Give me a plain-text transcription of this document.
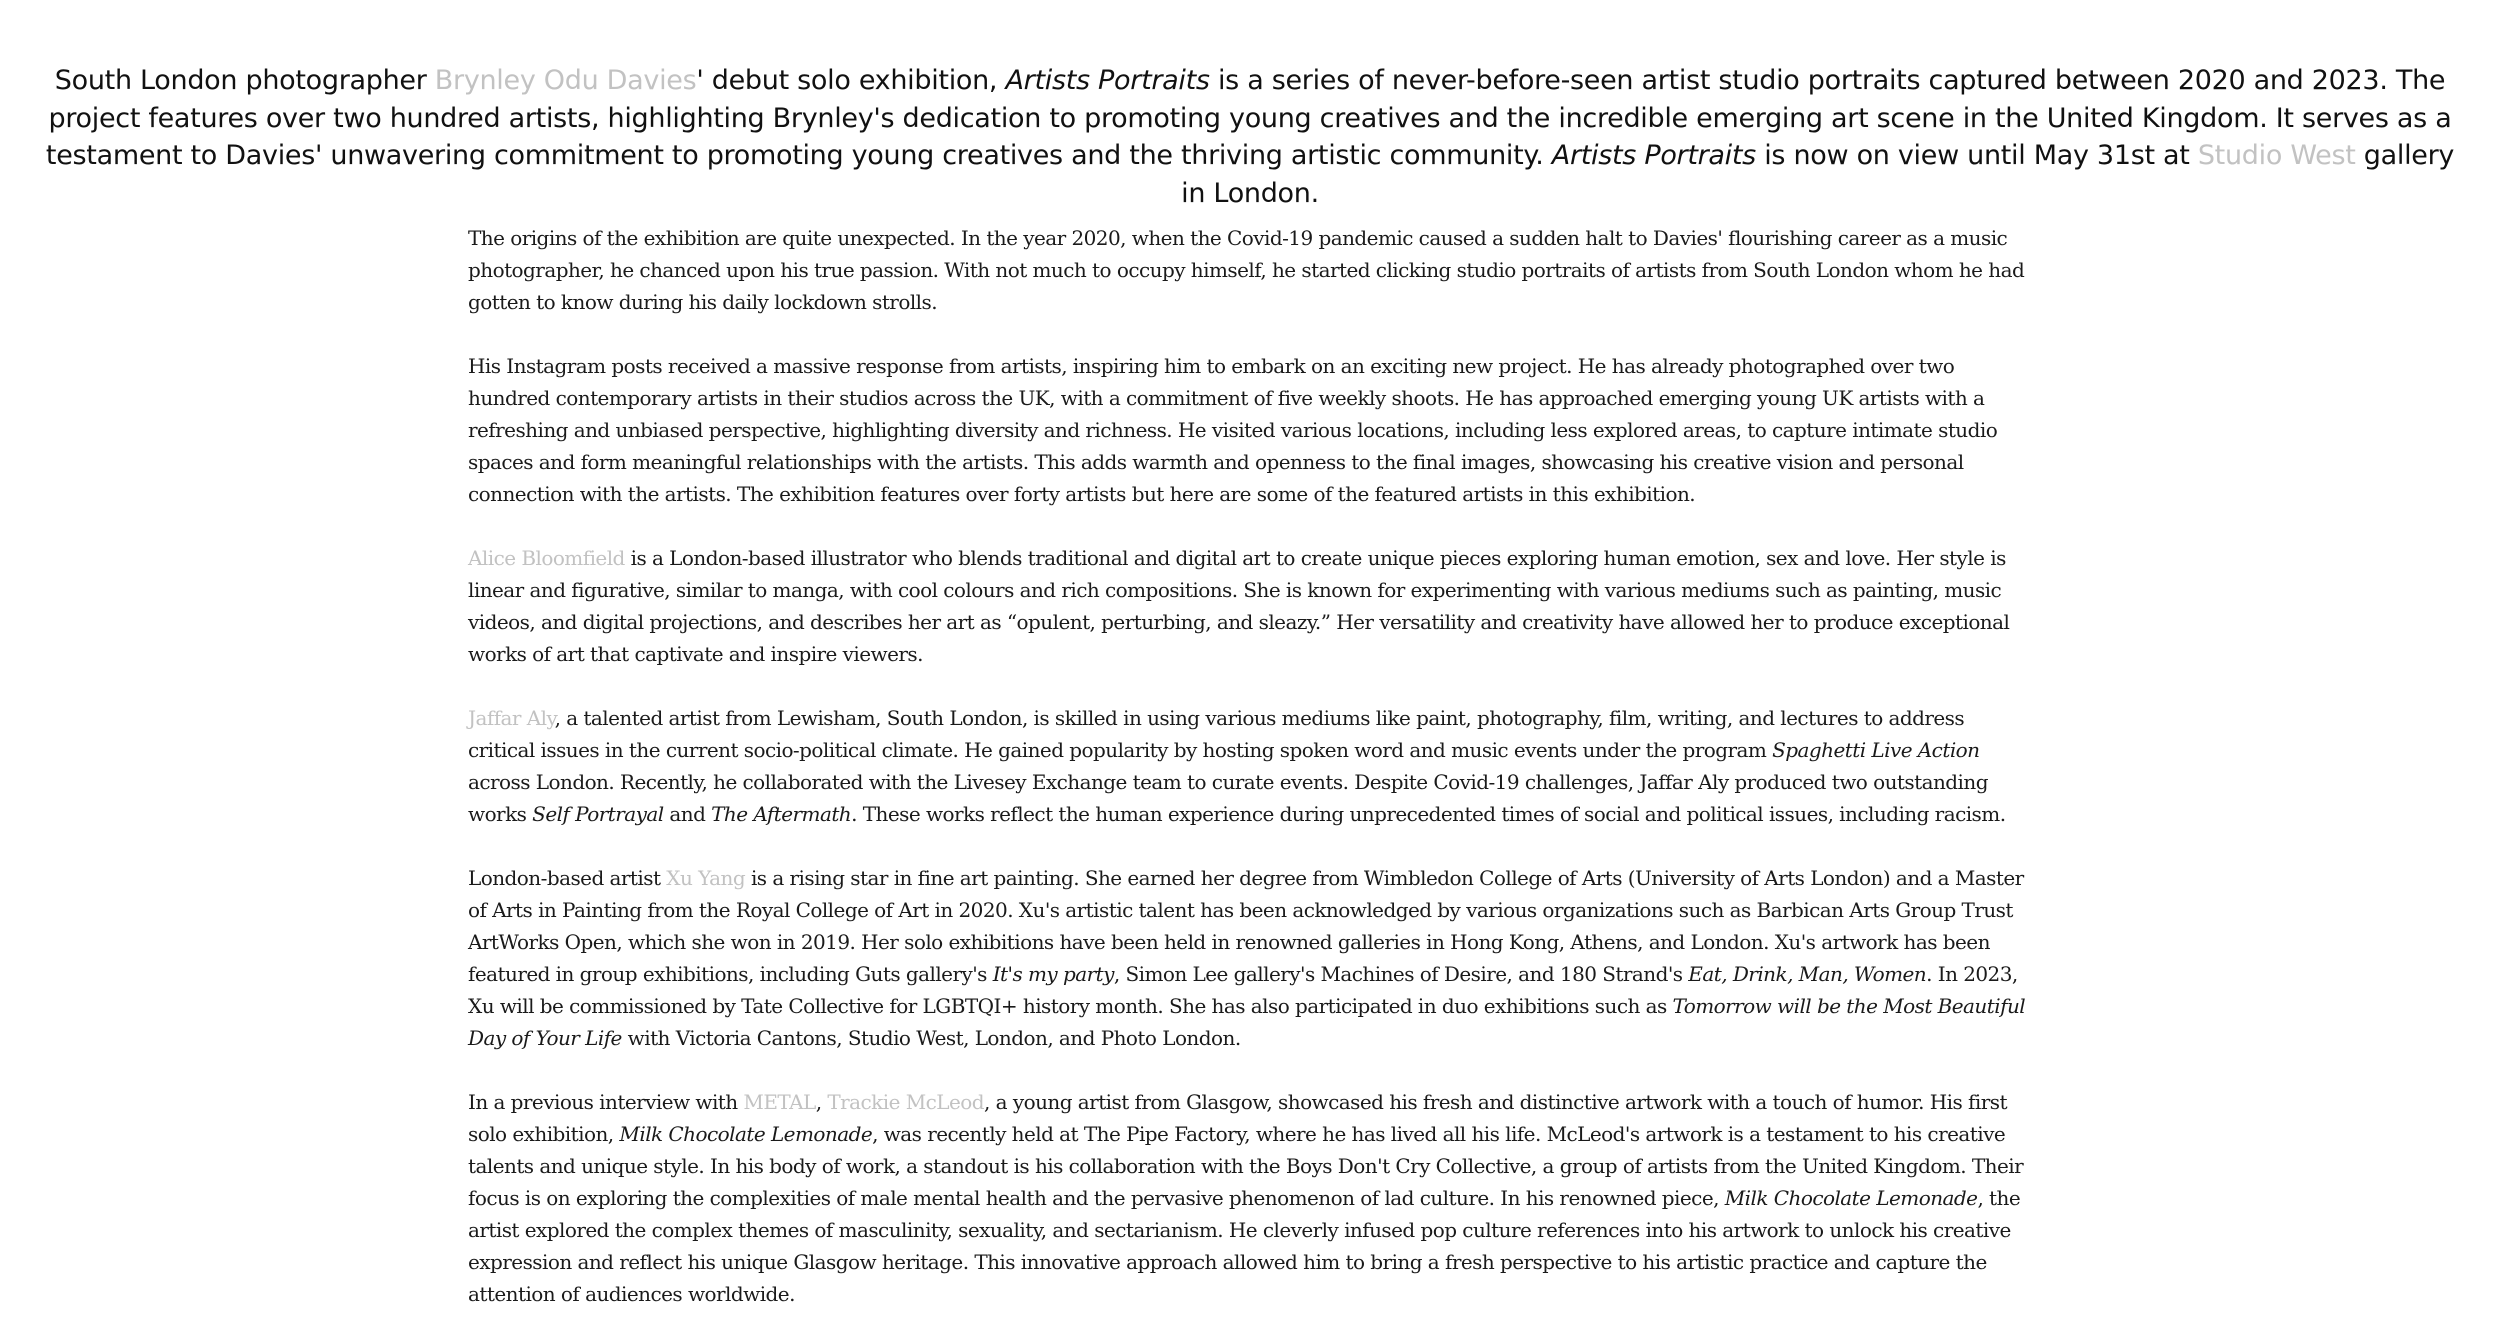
South London photographer Brynley Odu Davies' debut solo exhibition, Artists Portraits is a series of never-before-seen artist studio portraits captured between 2020 and 2023. The project features over two hundred artists, highlighting Brynley's dedication to promoting young creatives and the incredible emerging art scene in the United Kingdom. It serves as a testament to Davies' unwavering commitment to promoting young creatives and the thriving artistic community. Artists Portraits is now on view until May 31st at Studio West gallery in London.

The origins of the exhibition are quite unexpected. In the year 2020, when the Covid-19 pandemic caused a sudden halt to Davies' flourishing career as a music photographer, he chanced upon his true passion. With not much to occupy himself, he started clicking studio portraits of artists from South London whom he had gotten to know during his daily lockdown strolls.

His Instagram posts received a massive response from artists, inspiring him to embark on an exciting new project. He has already photographed over two hundred contemporary artists in their studios across the UK, with a commitment of five weekly shoots. He has approached emerging young UK artists with a refreshing and unbiased perspective, highlighting diversity and richness. He visited various locations, including less explored areas, to capture intimate studio spaces and form meaningful relationships with the artists. This adds warmth and openness to the final images, showcasing his creative vision and personal connection with the artists. The exhibition features over forty artists but here are some of the featured artists in this exhibition.

Alice Bloomfield is a London-based illustrator who blends traditional and digital art to create unique pieces exploring human emotion, sex and love. Her style is linear and figurative, similar to manga, with cool colours and rich compositions. She is known for experimenting with various mediums such as painting, music videos, and digital projections, and describes her art as “opulent, perturbing, and sleazy.” Her versatility and creativity have allowed her to produce exceptional works of art that captivate and inspire viewers.

Jaffar Aly, a talented artist from Lewisham, South London, is skilled in using various mediums like paint, photography, film, writing, and lectures to address critical issues in the current socio-political climate. He gained popularity by hosting spoken word and music events under the program Spaghetti Live Action across London. Recently, he collaborated with the Livesey Exchange team to curate events. Despite Covid-19 challenges, Jaffar Aly produced two outstanding works Self Portrayal and The Aftermath. These works reflect the human experience during unprecedented times of social and political issues, including racism.

London-based artist Xu Yang is a rising star in fine art painting. She earned her degree from Wimbledon College of Arts (University of Arts London) and a Master of Arts in Painting from the Royal College of Art in 2020. Xu's artistic talent has been acknowledged by various organizations such as Barbican Arts Group Trust ArtWorks Open, which she won in 2019. Her solo exhibitions have been held in renowned galleries in Hong Kong, Athens, and London. Xu's artwork has been featured in group exhibitions, including Guts gallery's It's my party, Simon Lee gallery's Machines of Desire, and 180 Strand's Eat, Drink, Man, Women. In 2023, Xu will be commissioned by Tate Collective for LGBTQI+ history month. She has also participated in duo exhibitions such as Tomorrow will be the Most Beautiful Day of Your Life with Victoria Cantons, Studio West, London, and Photo London.

In a previous interview with METAL, Trackie McLeod, a young artist from Glasgow, showcased his fresh and distinctive artwork with a touch of humor. His first solo exhibition, Milk Chocolate Lemonade, was recently held at The Pipe Factory, where he has lived all his life. McLeod's artwork is a testament to his creative talents and unique style. In his body of work, a standout is his collaboration with the Boys Don't Cry Collective, a group of artists from the United Kingdom. Their focus is on exploring the complexities of male mental health and the pervasive phenomenon of lad culture. In his renowned piece, Milk Chocolate Lemonade, the artist explored the complex themes of masculinity, sexuality, and sectarianism. He cleverly infused pop culture references into his artwork to unlock his creative expression and reflect his unique Glasgow heritage. This innovative approach allowed him to bring a fresh perspective to his artistic practice and capture the attention of audiences worldwide.
